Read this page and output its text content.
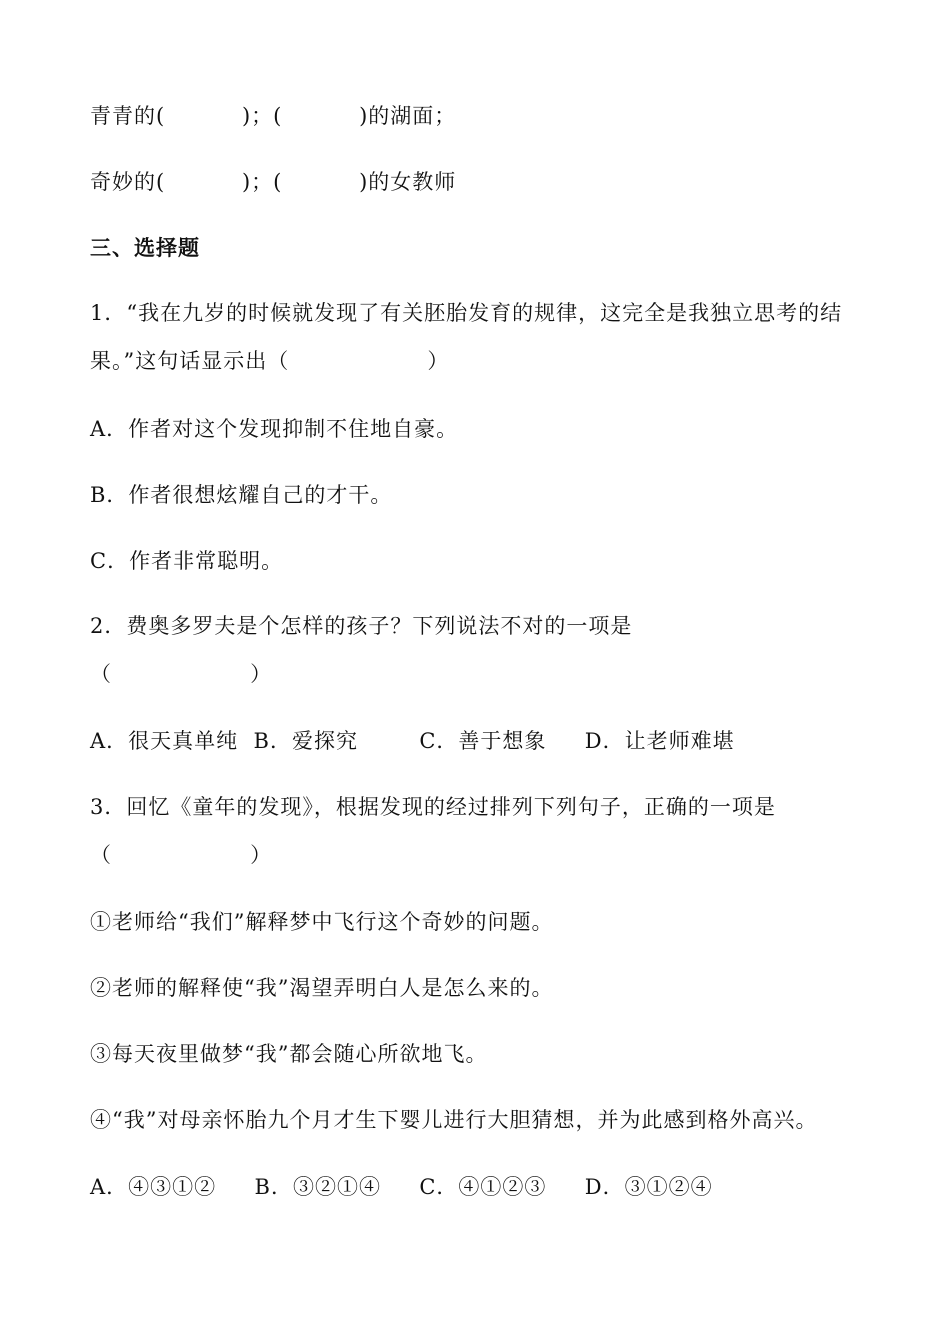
青青的(          )；(          )的湖面；
奇妙的(          )；(          )的女教师
三、选择题
1．“我在九岁的时候就发现了有关胚胎发育的规律，这完全是我独立思考的结
果。”这句话显示出（                  ）
A．作者对这个发现抑制不住地自豪。
B．作者很想炫耀自己的才干。
C．作者非常聪明。
2．费奥多罗夫是个怎样的孩子？下列说法不对的一项是
（                  ）
A．很天真单纯  B．爱探究        C．善于想象     D．让老师难堪
3．回忆《童年的发现》，根据发现的经过排列下列句子，正确的一项是
（                  ）
①老师给“我们”解释梦中飞行这个奇妙的问题。
②老师的解释使“我”渴望弄明白人是怎么来的。
③每天夜里做梦“我”都会随心所欲地飞。
④“我”对母亲怀胎九个月才生下婴儿进行大胆猜想，并为此感到格外高兴。
A．④③①②     B．③②①④     C．④①②③     D．③①②④
